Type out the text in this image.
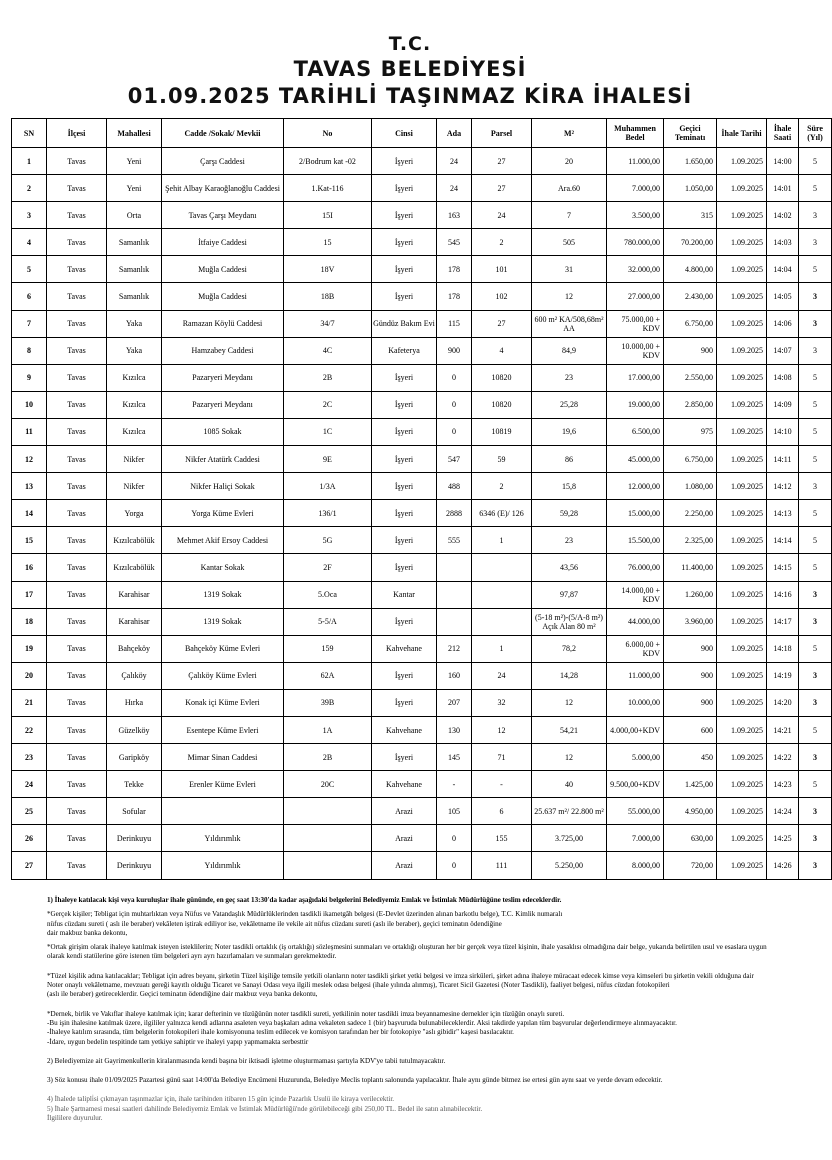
T.C.
TAVAS BELEDİYESİ
01.09.2025 TARİHLİ TAŞINMAZ KİRA İHALESİ
SN	İlçesi	Mahallesi	Cadde /Sokak/ Mevkii	No	Cinsi	Ada	Parsel	M²	Muhammen Bedel	Geçici Teminatı	İhale Tarihi	İhale Saati	Süre (Yıl)
1	Tavas	Yeni	Çarşı Caddesi	2/Bodrum kat -02	İşyeri	24	27	20	11.000,00	1.650,00	1.09.2025	14:00	5
2	Tavas	Yeni	Şehit Albay Karaoğlanoğlu Caddesi	1.Kat-116	İşyeri	24	27	Ara.60	7.000,00	1.050,00	1.09.2025	14:01	5
3	Tavas	Orta	Tavas Çarşı Meydanı	15I	İşyeri	163	24	7	3.500,00	315	1.09.2025	14:02	3
4	Tavas	Samanlık	İtfaiye Caddesi	15	İşyeri	545	2	505	780.000,00	70.200,00	1.09.2025	14:03	3
5	Tavas	Samanlık	Muğla Caddesi	18V	İşyeri	178	101	31	32.000,00	4.800,00	1.09.2025	14:04	5
6	Tavas	Samanlık	Muğla Caddesi	18B	İşyeri	178	102	12	27.000,00	2.430,00	1.09.2025	14:05	3
7	Tavas	Yaka	Ramazan Köylü Caddesi	34/7	Gündüz Bakım Evi	115	27	600 m² KA/508,68m² AA	75.000,00 + KDV	6.750,00	1.09.2025	14:06	3
8	Tavas	Yaka	Hamzabey Caddesi	4C	Kafeterya	900	4	84,9	10.000,00 + KDV	900	1.09.2025	14:07	3
9	Tavas	Kızılca	Pazaryeri Meydanı	2B	İşyeri	0	10820	23	17.000,00	2.550,00	1.09.2025	14:08	5
10	Tavas	Kızılca	Pazaryeri Meydanı	2C	İşyeri	0	10820	25,28	19.000,00	2.850,00	1.09.2025	14:09	5
11	Tavas	Kızılca	1085 Sokak	1C	İşyeri	0	10819	19,6	6.500,00	975	1.09.2025	14:10	5
12	Tavas	Nikfer	Nikfer Atatürk Caddesi	9E	İşyeri	547	59	86	45.000,00	6.750,00	1.09.2025	14:11	5
13	Tavas	Nikfer	Nikfer Haliçi Sokak	1/3A	İşyeri	488	2	15,8	12.000,00	1.080,00	1.09.2025	14:12	3
14	Tavas	Yorga	Yorga Küme Evleri	136/1	İşyeri	2888	6346 (E)/ 126	59,28	15.000,00	2.250,00	1.09.2025	14:13	5
15	Tavas	Kızılcabölük	Mehmet Akif Ersoy Caddesi	5G	İşyeri	555	1	23	15.500,00	2.325,00	1.09.2025	14:14	5
16	Tavas	Kızılcabölük	Kantar Sokak	2F	İşyeri			43,56	76.000,00	11.400,00	1.09.2025	14:15	5
17	Tavas	Karahisar	1319 Sokak	5.Oca	Kantar			97,87	14.000,00 + KDV	1.260,00	1.09.2025	14:16	3
18	Tavas	Karahisar	1319 Sokak	5-5/A	İşyeri			(5-18 m²)-(5/A-8 m²) Açık Alan 80 m²	44.000,00	3.960,00	1.09.2025	14:17	3
19	Tavas	Bahçeköy	Bahçeköy Küme Evleri	159	Kahvehane	212	1	78,2	6.000,00 + KDV	900	1.09.2025	14:18	5
20	Tavas	Çalıköy	Çalıköy Küme Evleri	62A	İşyeri	160	24	14,28	11.000,00	900	1.09.2025	14:19	3
21	Tavas	Hırka	Konak içi Küme Evleri	39B	İşyeri	207	32	12	10.000,00	900	1.09.2025	14:20	3
22	Tavas	Güzelköy	Esentepe Küme Evleri	1A	Kahvehane	130	12	54,21	4.000,00+KDV	600	1.09.2025	14:21	5
23	Tavas	Garipköy	Mimar Sinan Caddesi	2B	İşyeri	145	71	12	5.000,00	450	1.09.2025	14:22	3
24	Tavas	Tekke	Erenler Küme Evleri	20C	Kahvehane	-	-	40	9.500,00+KDV	1.425,00	1.09.2025	14:23	5
25	Tavas	Sofular			Arazi	105	6	25.637 m²/ 22.800 m²	55.000,00	4.950,00	1.09.2025	14:24	3
26	Tavas	Derinkuyu	Yıldırımlık		Arazi	0	155	3.725,00	7.000,00	630,00	1.09.2025	14:25	3
27	Tavas	Derinkuyu	Yıldırımlık		Arazi	0	111	5.250,00	8.000,00	720,00	1.09.2025	14:26	3

1) İhaleye katılacak kişi veya kuruluşlar ihale gününde, en geç saat 13:30'da kadar aşağıdaki belgelerini Belediyemiz Emlak ve İstimlak Müdürlüğüne teslim edeceklerdir.

*Gerçek kişiler; Tebligat için muhtarlıktan veya Nüfus ve Vatandaşlık Müdürlüklerinden tasdikli ikametgâh belgesi (E-Devlet üzerinden alınan barkotlu belge), T.C. Kimlik numaralı

nüfus cüzdanı sureti ( aslı ile beraber) vekâleten iştirak ediliyor ise, vekâletname ile vekile ait nüfus cüzdanı sureti (aslı ile beraber), geçici teminatın ödendiğine

dair makbuz banka dekontu,

*Ortak girişim olarak ihaleye katılmak isteyen isteklilerin; Noter tasdikli ortaklık (iş ortaklığı) sözleşmesini sunmaları ve ortaklığı oluşturan her bir gerçek veya tüzel kişinin, ihale yasaklısı olmadığına dair belge, yukarıda belirtilen usul ve esaslara uygun

olarak kendi statülerine göre istenen tüm belgeleri ayrı ayrı hazırlamaları ve sunmaları gerekmektedir.

*Tüzel kişilik adına katılacaklar; Tebligat için adres beyanı, şirketin Tüzel kişiliğe temsile yetkili olanların noter tasdikli şirket yetki belgesi ve imza sirküleri, şirket adına ihaleye müracaat edecek kimse veya kimseleri bu şirketin vekili olduğuna dair

Noter onaylı vekâletname, mevzuatı gereği kayıtlı olduğu Ticaret ve Sanayi Odası veya ilgili meslek odası belgesi (ihale yılında alınmış), Ticaret Sicil Gazetesi (Noter Tasdikli), faaliyet belgesi, nüfus cüzdan fotokopileri

(aslı ile beraber) getireceklerdir. Geçici teminatın ödendiğine dair makbuz veya banka dekontu,

*Dernek, birlik ve Vakıflar ihaleye katılmak için; karar defterinin ve tüzüğünün noter tasdikli sureti, yetkilinin noter tasdikli imza beyannamesine dernekler için tüzüğün onaylı sureti.

-Bu işin ihalesine katılmak üzere, ilgililer yalnızca kendi adlarına asaleten veya başkaları adına vekaleten sadece 1 (bir) başvuruda bulunabileceklerdir. Aksi takdirde yapılan tüm başvurular değerlendirmeye alınmayacaktır.

-İhaleye katılım sırasında, tüm belgelerin fotokopileri ihale komisyonuna teslim edilecek ve komisyon tarafından her bir fotokopiye "aslı gibidir" kaşesi basılacaktır.

-İdare, uygun bedelin tespitinde tam yetkiye sahiptir ve ihaleyi yapıp yapmamakta serbesttir

2) Belediyemize ait Gayrimenkullerin kiralanmasında kendi başına bir iktisadi işletme oluşturmaması şartıyla KDV'ye tabii tutulmayacaktır.

3) Söz konusu ihale 01/09/2025 Pazartesi günü saat 14:00'da Belediye Encümeni Huzurunda, Belediye Meclis toplantı salonunda yapılacaktır. İhale aynı günde bitmez ise ertesi gün aynı saat ve yerde devam edecektir.

4) İhalede talipli̇si çıkmayan taşınmazlar için, ihale tarihinden itibaren 15 gün içinde Pazarlık Usulü ile kiraya verilecektir.

5) İhale Şartnamesi mesai saatleri dahilinde Belediyemiz Emlak ve İstimlak Müdürlüğü'nde görülebileceği gibi 250,00 TL. Bedel ile satın alınabilecektir.

İlgililere duyurulur.
